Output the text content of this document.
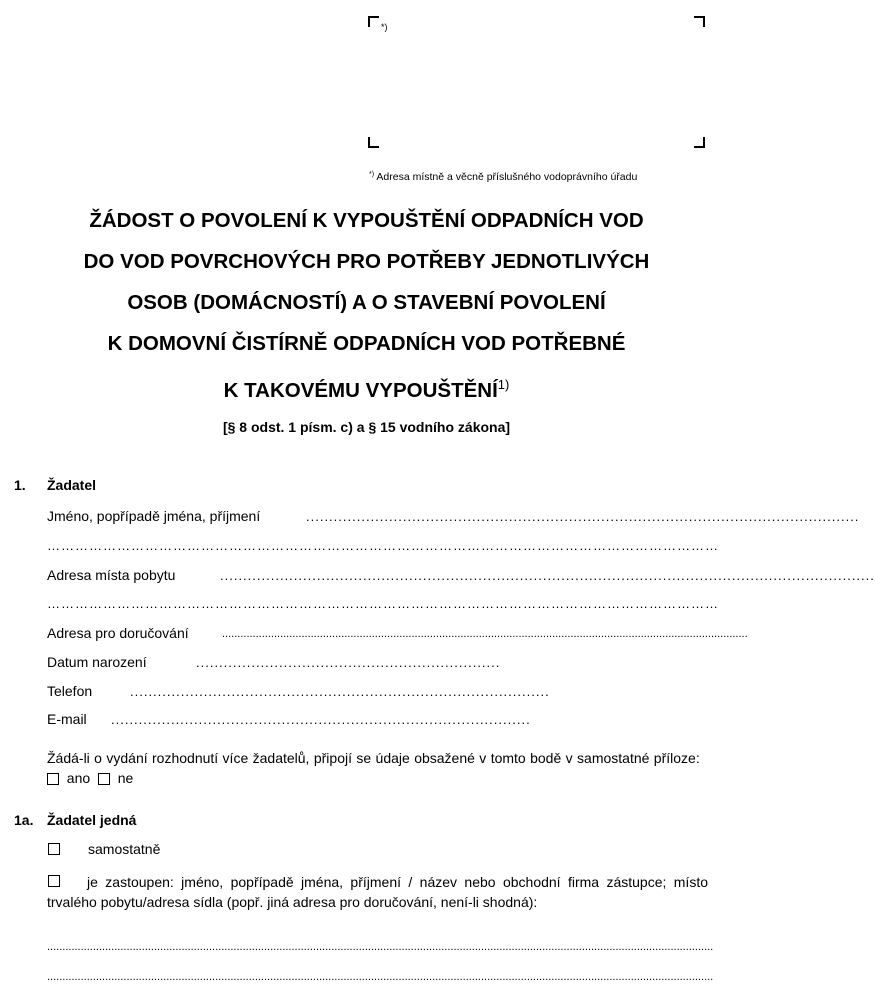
*)
*) Adresa místně a věcně příslušného vodoprávního úřadu
ŽÁDOST O POVOLENÍ K VYPOUŠTĚNÍ ODPADNÍCH VOD
DO VOD POVRCHOVÝCH PRO POTŘEBY JEDNOTLIVÝCH
OSOB (DOMÁCNOSTÍ) A O STAVEBNÍ POVOLENÍ
K DOMOVNÍ ČISTÍRNĚ ODPADNÍCH VOD POTŘEBNÉ
K TAKOVÉMU VYPOUŠTĚNÍ$^{1)}$
[§ 8 odst. 1 písm. c) a § 15 vodního zákona]
1. Žadatel
Jméno, popřípadě jména, příjmení	........................................................................................................................
………………………………………………………………………………………………………………………………
Adresa místa pobytu	..............................................................................................................................................
………………………………………………………………………………………………………………………………
Adresa pro doručování	............................................................................................................................................................................
Datum narození	..................................................................
Telefon	...........................................................................................
E-mail ...........................................................................................
Žádá-li o vydání rozhodnutí více žadatelů, připojí se údaje obsažené v tomto bodě v samostatné příloze:    ano ne
1a. Žadatel jedná
samostatně
je zastoupen: jméno, popřípadě jména, příjmení / název nebo obchodní firma zástupce; místo trvalého pobytu/adresa sídla (popř. jiná adresa pro doručování, není-li shodná):
..........................................................................................................................................................................................................................
..........................................................................................................................................................................................................................
